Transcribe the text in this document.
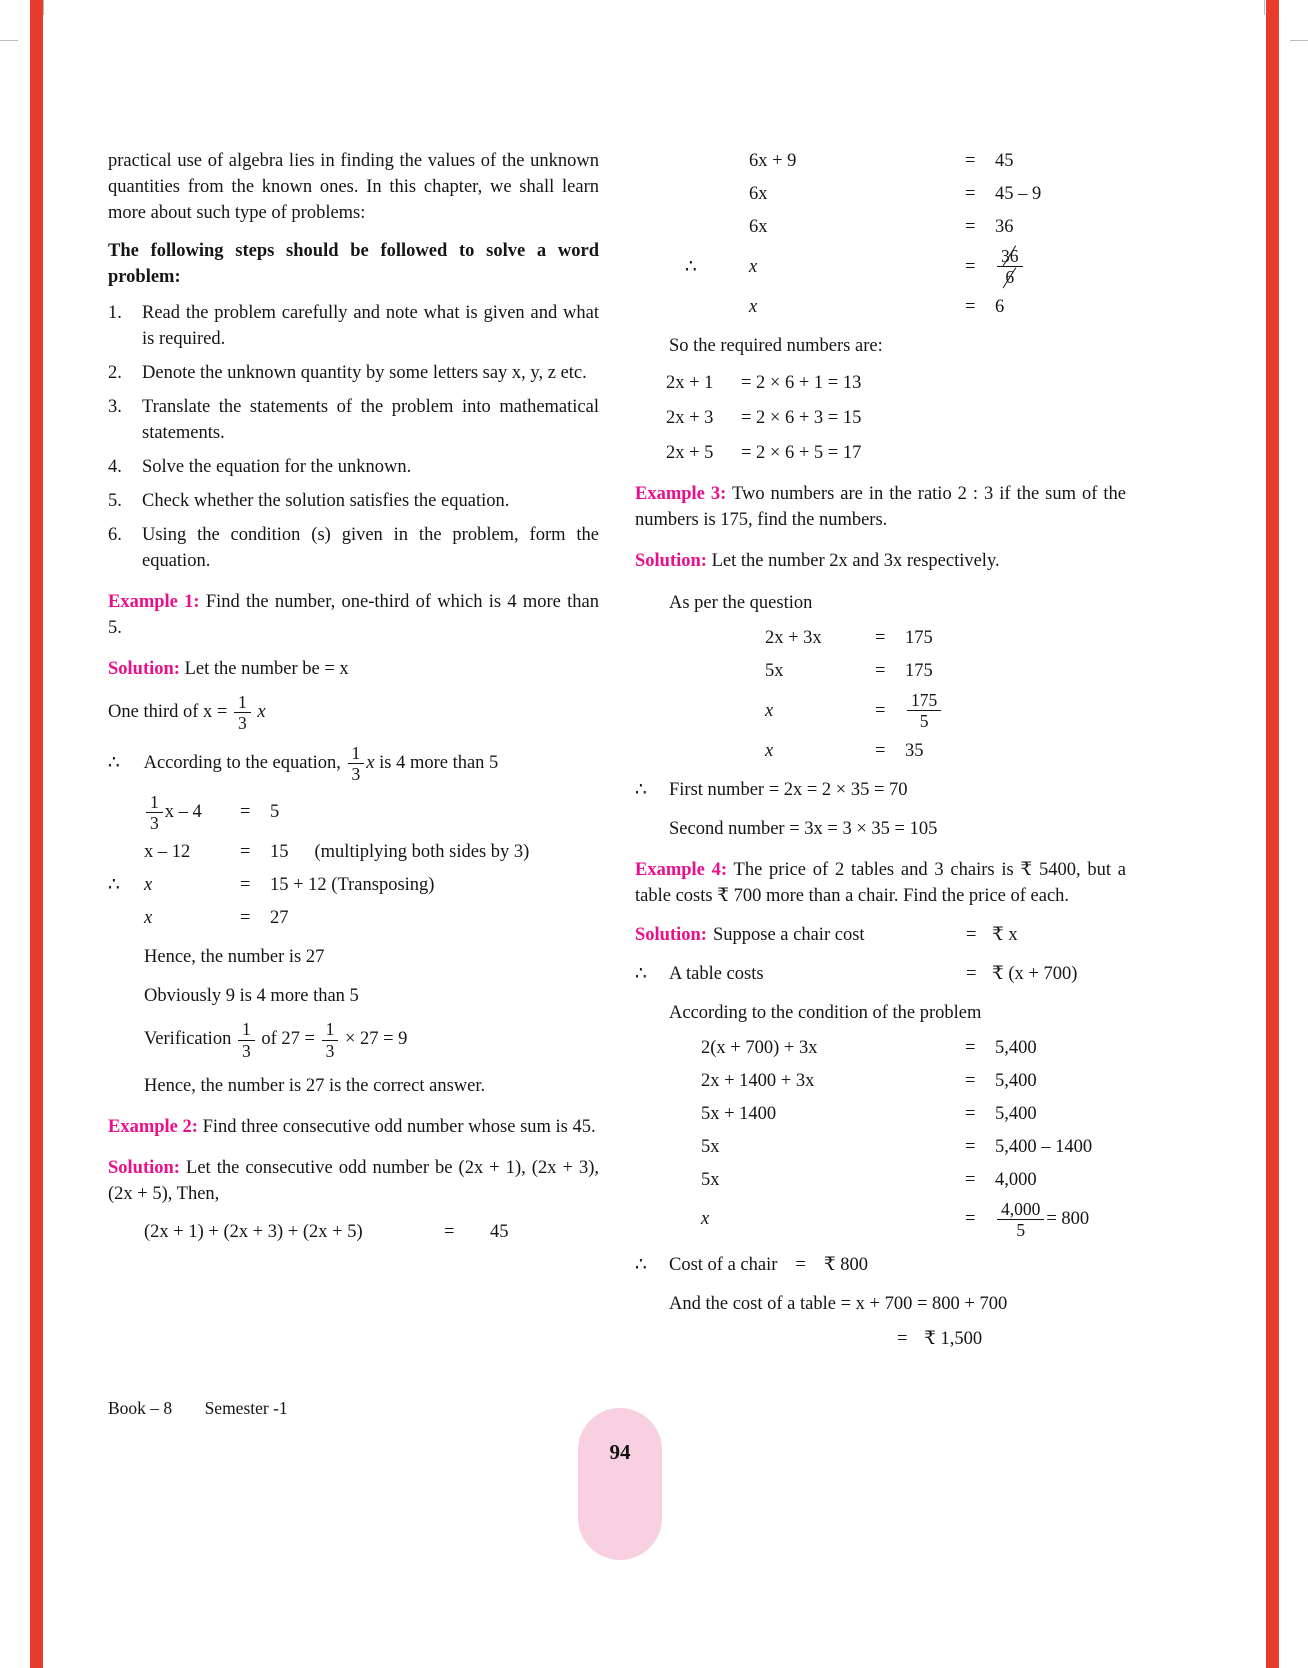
practical use of algebra lies in finding the values of the unknown quantities from the known ones. In this chapter, we shall learn more about such type of problems:

The following steps should be followed to solve a word problem:

1.	Read the problem carefully and note what is given and what is required.
2.	Denote the unknown quantity by some letters say x, y, z etc.
3.	Translate the statements of the problem into mathematical statements.
4.	Solve the equation for the unknown.
5.	Check whether the solution satisfies the equation.
6.	Using the condition (s) given in the problem, form the equation.

Example 1: Find the number, one-third of which is 4 more than 5.

Solution: Let the number be = x

One third of $x = \frac{1}{3}$ x
∴ According to the equation, $\frac{1}{3}$ x is 4 more than 5
$\frac{1}{3}$ x – 4	=	5
x – 12	=	15 (multiplying both sides by 3)
∴	x	=	15 + 12 (Transposing)
x	=	27

Hence, the number is 27

Obviously 9 is 4 more than 5

Verification $\frac{1}{3}$ of $27 = \frac{1}{3} \times 27 = 9$

Hence, the number is 27 is the correct answer.

Example 2: Find three consecutive odd number whose sum is 45.

Solution: Let the consecutive odd number be (2x + 1), (2x + 3), (2x + 5), Then,

(2x + 1) + (2x + 3) + (2x + 5)	=	45
6x + 9	=	45
6x	=	45 – 9
6x	=	36
∴	x	=	$\frac{36}{6}$
x	=	6

So the required numbers are:

2x + 1	= 2 × 6 + 1 = 13
2x + 3	= 2 × 6 + 3 = 15
2x + 5	= 2 × 6 + 5 = 17

Example 3: Two numbers are in the ratio 2 : 3 if the sum of the numbers is 175, find the numbers.

Solution: Let the number 2x and 3x respectively.

As per the question

2x + 3x	=	175
5x	=	175
x	=	$\frac{175}{5}$
x	=	35
∴	First number = 2x = 2 × 35 = 70

Second number = 3x = 3 × 35 = 105

Example 4: The price of 2 tables and 3 chairs is ₹ 5400, but a table costs ₹ 700 more than a chair. Find the price of each.

Solution: Suppose a chair cost	= ₹ x
∴	A table costs	= ₹ (x + 700)

According to the condition of the problem

2(x + 700) + 3x	=	5,400
2x + 1400 + 3x	=	5,400
5x + 1400	=	5,400
5x	=	5,400 – 1400
5x	=	4,000
x	=	$\frac{4,000}{5} = 800$
∴	Cost of a chair = ₹ 800

And the cost of a table = x + 700 = 800 + 700

= ₹ 1,500
Book – 8 Semester -1
94
